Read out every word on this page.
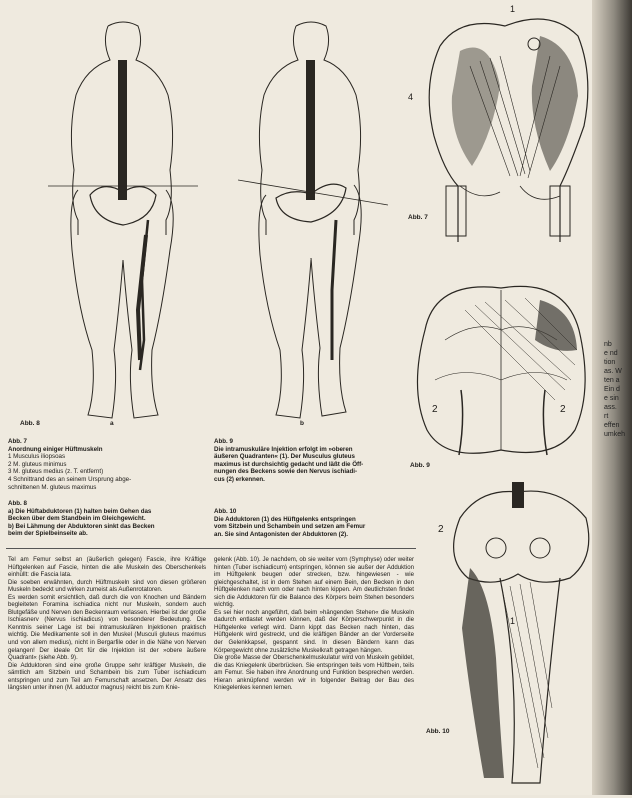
Abb. 8	a	b
1
4
Abb. 7
2	2
Abb. 9
2
1
Abb. 10
Abb. 7
Anordnung einiger Hüftmuskeln
1 Musculus iliopsoas
2 M. gluteus minimus
3 M. gluteus medius (z. T. entfernt)
4 Schnittrand des an seinem Ursprung abge-
schnittenen M. gluteus maximus
Abb. 8
a) Die Hüftabduktoren (1) halten beim Gehen das
Becken über dem Standbein im Gleichgewicht.
b) Bei Lähmung der Abduktoren sinkt das Becken
beim der Spielbeinseite ab.
Abb. 9
Die intramuskuläre Injektion erfolgt im »oberen
äußeren Quadranten« (1). Der Musculus gluteus
maximus ist durchsichtig gedacht und läßt die Öff-
nungen des Beckens sowie den Nervus ischiadi-
cus (2) erkennen.
Abb. 10
Die Adduktoren (1) des Hüftgelenks entspringen
vom Sitzbein und Schambein und setzen am Femur
an. Sie sind Antagonisten der Abduktoren (2).

Tel am Femur selbst an (äußerlich gelegen) Fascie, ihre Kräftige Hüftgelenken auf Fascie, hinten die alle Muskeln des Oberschenkels einhüllt: die Fascia lata.

Die soeben erwähnten, durch Hüftmuskeln sind von diesen größeren Muskeln bedeckt und wirken zumeist als Außenrotatoren.

Es werden somit ersichtlich, daß durch die von Knochen und Bändern begleiteten Foramina ischiadica nicht nur Muskeln, sondern auch Blutgefäße und Nerven den Beckenraum verlassen. Hierbei ist der große Ischiasnerv (Nervus ischiadicus) von besonderer Bedeutung. Die Kenntnis seiner Lage ist bei intramuskulären Injektionen praktisch wichtig. Die Medikamente soll in den Muskel (Musculi gluteus maximus und von allem medius), nicht in Bergarfile oder in die Nähe von Nerven gelangen! Der ideale Ort für die Injektion ist der »obere äußere Quadrant« (siehe Abb. 9).

Die Adduktoren sind eine große Gruppe sehr kräftiger Muskeln, die sämtlich am Sitzbein und Schambein bis zum Tuber ischiadicum entspringen und zum Teil am Femurschaft ansetzen. Der Ansatz des längsten unter ihnen (M. adductor magnus) reicht bis zum Knie-

gelenk (Abb. 10). Je nachdem, ob sie weiter vorn (Symphyse) oder weiter hinten (Tuber ischiadicum) entspringen, können sie außer der Adduktion im Hüftgelenk beugen oder strecken, bzw. hingewiesen - wie gleichgeschaltet, ist in dem Stehen auf einem Bein, den Becken in den Hüftgelenken nach vorn oder nach hinten kippen. Am deutlichsten findet sich die Adduktoren für die Balance des Körpers beim Stehen besonders wichtig.

Es sei hier noch angeführt, daß beim »hängenden Stehen« die Muskeln dadurch entlastet werden können, daß der Körperschwerpunkt in die Hüftgelenke verlegt wird. Dann kippt das Becken nach hinten, das Hüftgelenk wird gestreckt, und die kräftigen Bänder an der Vorderseite der Gelenkkapsel, gespannt sind. In diesen Bändern kann das Körpergewicht ohne zusätzliche Muskelkraft getragen hängen.

Die große Masse der Oberschenkelmuskulatur wird von Muskeln gebildet, die das Kniegelenk überbrücken. Sie entspringen teils vom Hüftbein, teils am Femur. Sie haben ihre Anordnung und Funktion besprechen werden. Hieran anknüpfend werden wir in folgender Beitrag der Bau des Kniegelenkes kennen lernen.

nb
e nd
tion
as. W
ten a
Ein d
e sin
ass.
rt
effen
umkeh
